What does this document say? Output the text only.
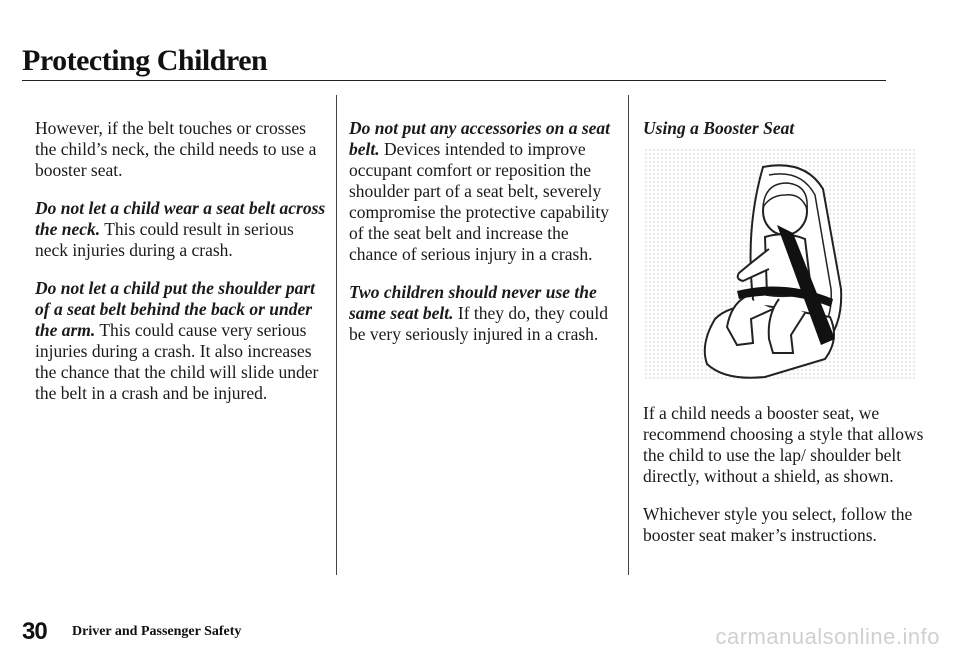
Protecting Children

However, if the belt touches or crosses the child’s neck, the child needs to use a booster seat.

Do not let a child wear a seat belt across the neck. This could result in serious neck injuries during a crash.

Do not let a child put the shoulder part of a seat belt behind the back or under the arm. This could cause very serious injuries during a crash. It also increases the chance that the child will slide under the belt in a crash and be injured.

Do not put any accessories on a seat belt. Devices intended to improve occupant comfort or reposition the shoulder part of a seat belt, severely compromise the protective capability of the seat belt and increase the chance of serious injury in a crash.

Two children should never use the same seat belt. If they do, they could be very seriously injured in a crash.

Using a Booster Seat

If a child needs a booster seat, we recommend choosing a style that allows the child to use the lap/ shoulder belt directly, without a shield, as shown.

Whichever style you select, follow the booster seat maker’s instructions.

30 Driver and Passenger Safety	carmanualsonline.info
